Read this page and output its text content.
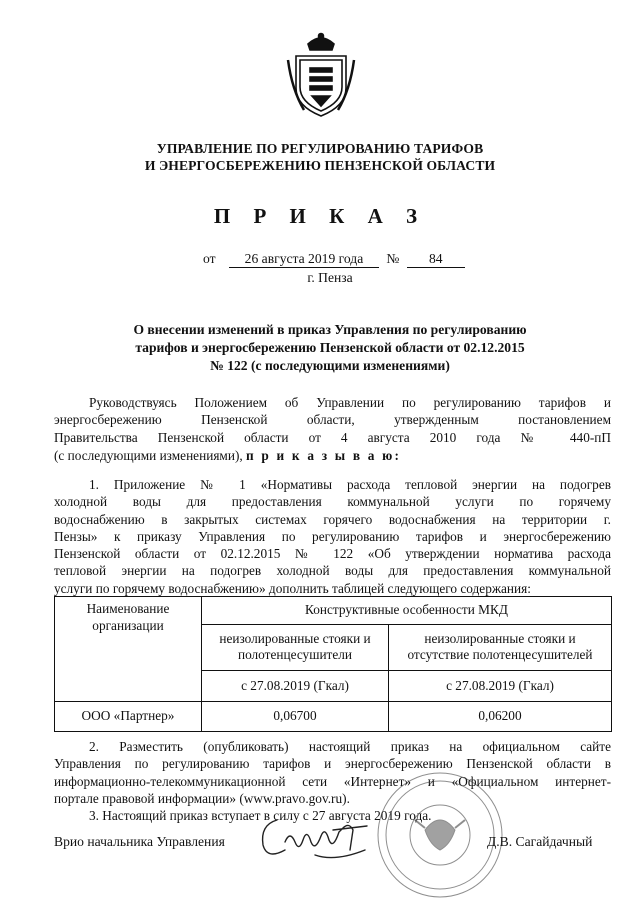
УПРАВЛЕНИЕ ПО РЕГУЛИРОВАНИЮ ТАРИФОВ
И ЭНЕРГОСБЕРЕЖЕНИЮ ПЕНЗЕНСКОЙ ОБЛАСТИ
П Р И К А З
от 26 августа 2019 года № 84
г. Пенза
О внесении изменений в приказ Управления по регулированию
тарифов и энергосбережению Пензенской области от 02.12.2015
№ 122 (с последующими изменениями)
Руководствуясь Положением об Управлении по регулированию тарифов и
энергосбережению Пензенской области, утвержденным постановлением
Правительства Пензенской области от 4 августа 2010 года № 440-пП
(с последующими изменениями), п р и к а з ы в а ю:
1. Приложение № 1 «Нормативы расхода тепловой энергии на подогрев
холодной воды для предоставления коммунальной услуги по горячему
водоснабжению в закрытых системах горячего водоснабжения на территории г.
Пензы» к приказу Управления по регулированию тарифов и энергосбережению
Пензенской области от 02.12.2015 № 122 «Об утверждении норматива расхода
тепловой энергии на подогрев холодной воды для предоставления коммунальной
услуги по горячему водоснабжению» дополнить таблицей следующего содержания:
Наименование организации	Конструктивные особенности МКД	
	неизолированные стояки и полотенцесушители	неизолированные стояки и отсутствие полотенцесушителей
	с 27.08.2019 (Гкал)	с 27.08.2019 (Гкал)
ООО «Партнер»	0,06700	0,06200
2. Разместить (опубликовать) настоящий приказ на официальном сайте
Управления по регулированию тарифов и энергосбережению Пензенской области в
информационно-телекоммуникационной сети «Интернет» и «Официальном интернет-
портале правовой информации» (www.pravo.gov.ru).
3. Настоящий приказ вступает в силу с 27 августа 2019 года.
Врио начальника Управления	Д.В. Сагайдачный
